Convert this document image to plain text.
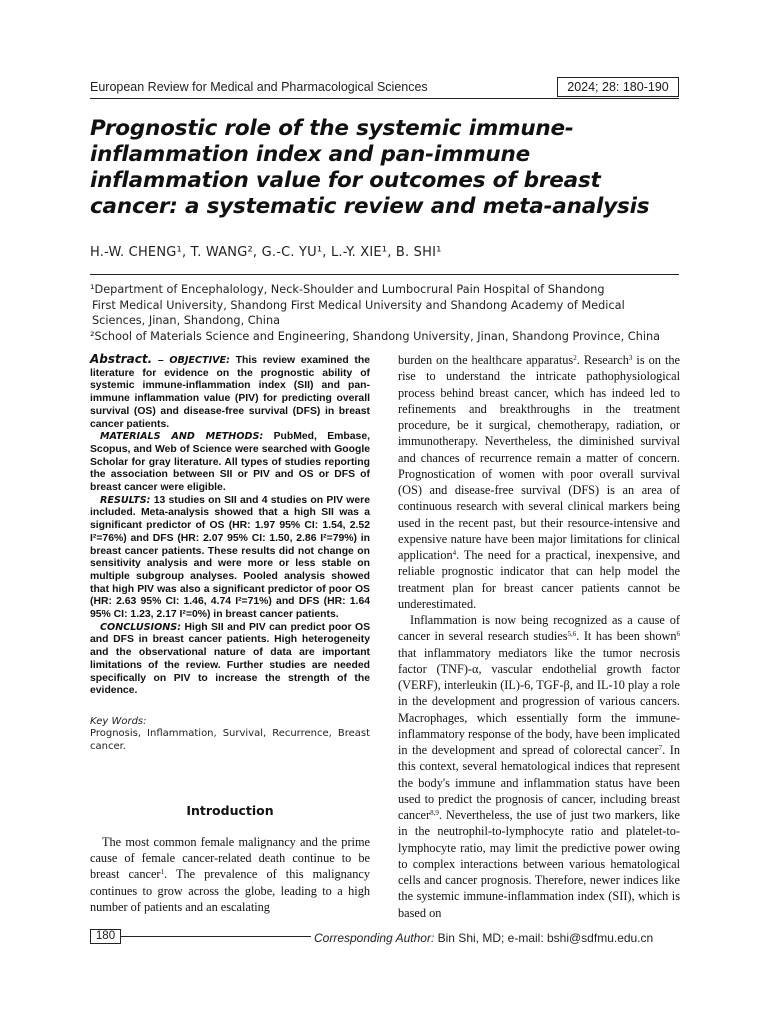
European Review for Medical and Pharmacological Sciences	2024; 28: 180-190
Prognostic role of the systemic immune-inflammation index and pan-immune inflammation value for outcomes of breast cancer: a systematic review and meta-analysis
H.-W. CHENG¹, T. WANG², G.-C. YU¹, L.-Y. XIE¹, B. SHI¹
¹Department of Encephalology, Neck-Shoulder and Lumbocrural Pain Hospital of Shandong
First Medical University, Shandong First Medical University and Shandong Academy of Medical
Sciences, Jinan, Shandong, China
²School of Materials Science and Engineering, Shandong University, Jinan, Shandong Province, China

Abstract. – OBJECTIVE: This review examined the literature for evidence on the prognostic ability of systemic immune-inflammation index (SII) and pan-immune inflammation value (PIV) for predicting overall survival (OS) and disease-free survival (DFS) in breast cancer patients.

MATERIALS AND METHODS: PubMed, Embase, Scopus, and Web of Science were searched with Google Scholar for gray literature. All types of studies reporting the association between SII or PIV and OS or DFS of breast cancer were eligible.

RESULTS: 13 studies on SII and 4 studies on PIV were included. Meta-analysis showed that a high SII was a significant predictor of OS (HR: 1.97 95% CI: 1.54, 2.52 I²=76%) and DFS (HR: 2.07 95% CI: 1.50, 2.86 I²=79%) in breast cancer patients. These results did not change on sensitivity analysis and were more or less stable on multiple subgroup analyses. Pooled analysis showed that high PIV was also a significant predictor of poor OS (HR: 2.63 95% CI: 1.46, 4.74 I²=71%) and DFS (HR: 1.64 95% CI: 1.23, 2.17 I²=0%) in breast cancer patients.

CONCLUSIONS: High SII and PIV can predict poor OS and DFS in breast cancer patients. High heterogeneity and the observational nature of data are important limitations of the review. Further studies are needed specifically on PIV to increase the strength of the evidence.

Key Words:
Prognosis, Inflammation, Survival, Recurrence, Breast cancer.
Introduction

The most common female malignancy and the prime cause of female cancer-related death continue to be breast cancer$^1$. The prevalence of this malignancy continues to grow across the globe, leading to a high number of patients and an escalating

burden on the healthcare apparatus$^2$. Research$^3$ is on the rise to understand the intricate pathophysiological process behind breast cancer, which has indeed led to refinements and breakthroughs in the treatment procedure, be it surgical, chemotherapy, radiation, or immunotherapy. Nevertheless, the diminished survival and chances of recurrence remain a matter of concern. Prognostication of women with poor overall survival (OS) and disease-free survival (DFS) is an area of continuous research with several clinical markers being used in the recent past, but their resource-intensive and expensive nature have been major limitations for clinical application$^4$. The need for a practical, inexpensive, and reliable prognostic indicator that can help model the treatment plan for breast cancer patients cannot be underestimated.

Inflammation is now being recognized as a cause of cancer in several research studies$^{5,6}$. It has been shown$^6$ that inflammatory mediators like the tumor necrosis factor (TNF)-α, vascular endothelial growth factor (VERF), interleukin (IL)-6, TGF-β, and IL-10 play a role in the development and progression of various cancers. Macrophages, which essentially form the immune-inflammatory response of the body, have been implicated in the development and spread of colorectal cancer$^7$. In this context, several hematological indices that represent the body's immune and inflammation status have been used to predict the prognosis of cancer, including breast cancer$^{8,9}$. Nevertheless, the use of just two markers, like in the neutrophil-to-lymphocyte ratio and platelet-to-lymphocyte ratio, may limit the predictive power owing to complex interactions between various hematological cells and cancer prognosis. Therefore, newer indices like the systemic immune-inflammation index (SII), which is based on

180	Corresponding Author: Bin Shi, MD; e-mail: bshi@sdfmu.edu.cn
